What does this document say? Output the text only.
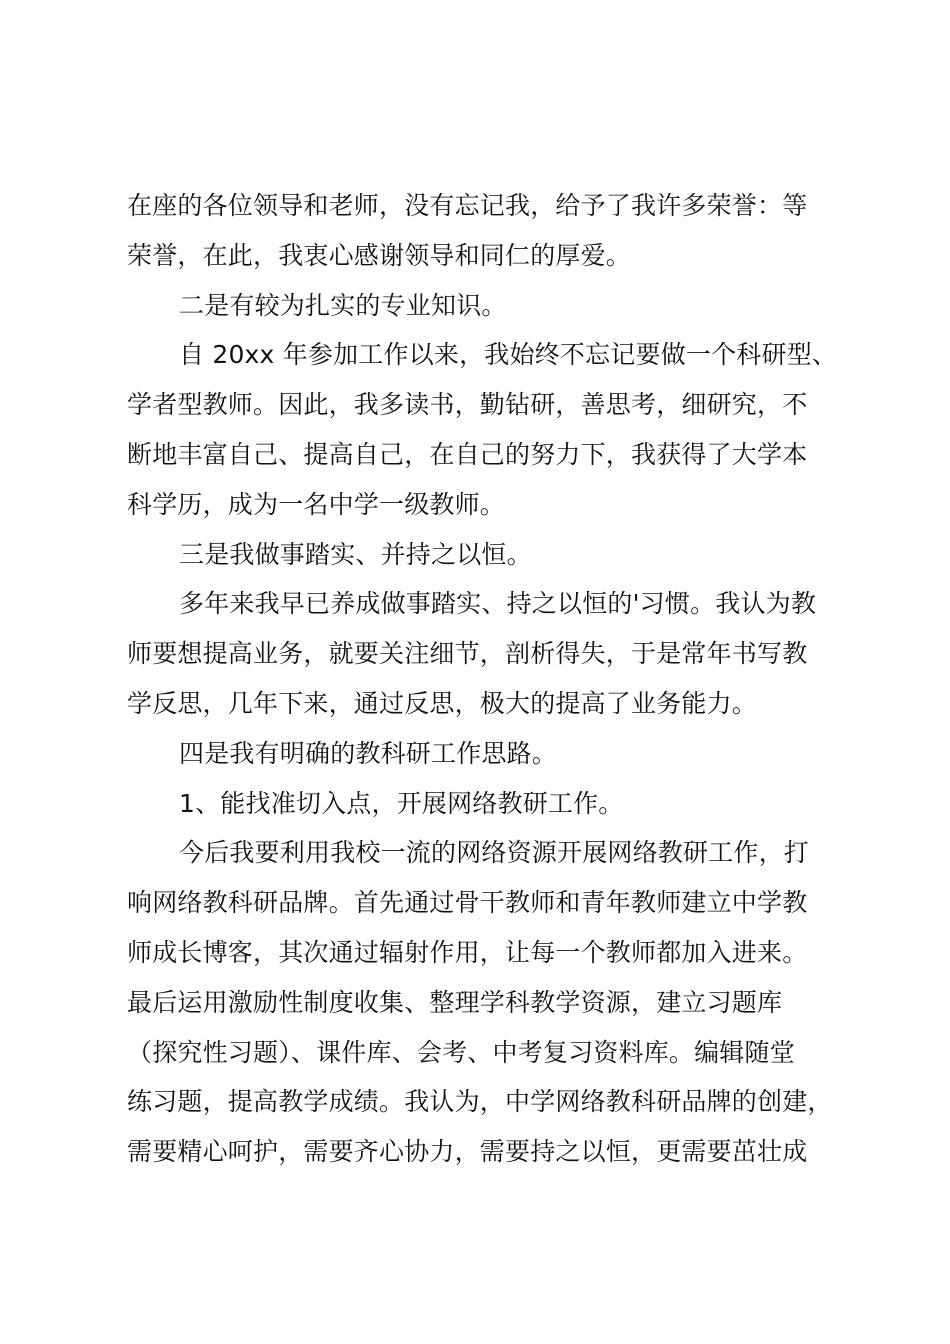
在座的各位领导和老师，没有忘记我，给予了我许多荣誉：等
荣誉，在此，我衷心感谢领导和同仁的厚爱。
二是有较为扎实的专业知识。
自 20xx 年参加工作以来，我始终不忘记要做一个科研型、
学者型教师。因此，我多读书，勤钻研，善思考，细研究，不
断地丰富自己、提高自己，在自己的努力下，我获得了大学本
科学历，成为一名中学一级教师。
三是我做事踏实、并持之以恒。
多年来我早已养成做事踏实、持之以恒的'习惯。我认为教
师要想提高业务，就要关注细节，剖析得失，于是常年书写教
学反思，几年下来，通过反思，极大的提高了业务能力。
四是我有明确的教科研工作思路。
1、能找准切入点，开展网络教研工作。
今后我要利用我校一流的网络资源开展网络教研工作，打
响网络教科研品牌。首先通过骨干教师和青年教师建立中学教
师成长博客，其次通过辐射作用，让每一个教师都加入进来。
最后运用激励性制度收集、整理学科教学资源，建立习题库
（探究性习题）、课件库、会考、中考复习资料库。编辑随堂
练习题，提高教学成绩。我认为，中学网络教科研品牌的创建，
需要精心呵护，需要齐心协力，需要持之以恒，更需要茁壮成
